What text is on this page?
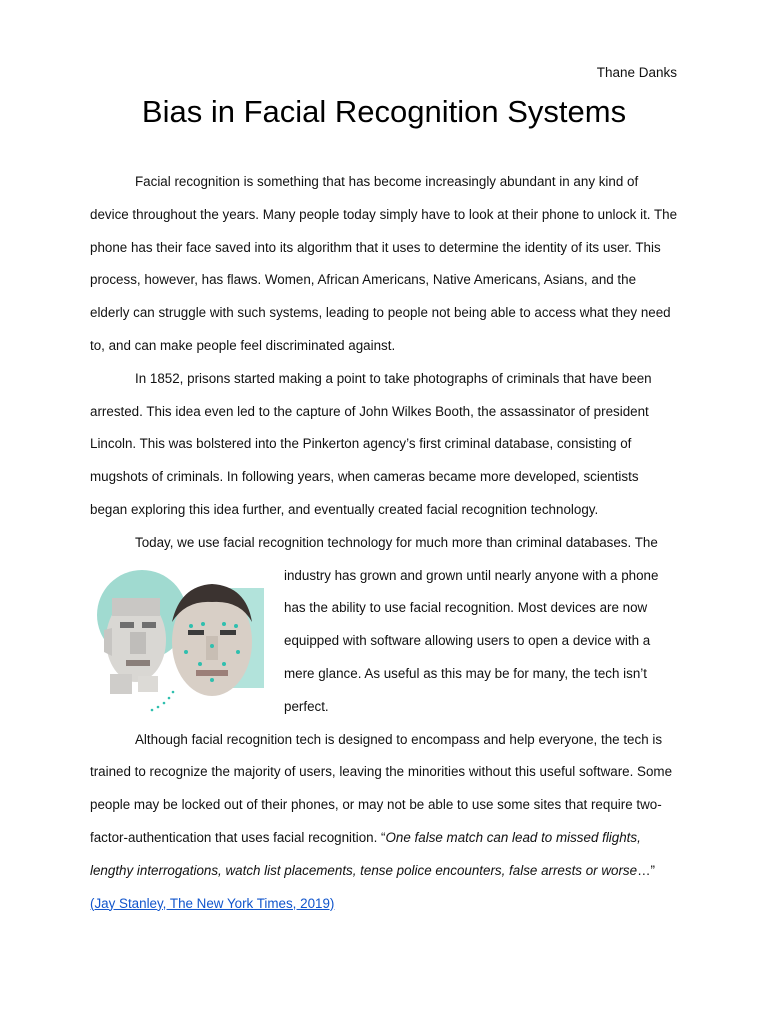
Thane Danks

Bias in Facial Recognition Systems

Facial recognition is something that has become increasingly abundant in any kind of device throughout the years. Many people today simply have to look at their phone to unlock it. The phone has their face saved into its algorithm that it uses to determine the identity of its user. This process, however, has flaws. Women, African Americans, Native Americans, Asians, and the elderly can struggle with such systems, leading to people not being able to access what they need to, and can make people feel discriminated against.

In 1852, prisons started making a point to take photographs of criminals that have been arrested. This idea even led to the capture of John Wilkes Booth, the assassinator of president Lincoln. This was bolstered into the Pinkerton agency’s first criminal database, consisting of mugshots of criminals. In following years, when cameras became more developed, scientists began exploring this idea further, and eventually created facial recognition technology.

Today, we use facial recognition technology for much more than criminal databases. The

industry has grown and grown until nearly anyone with a phone has the ability to use facial recognition. Most devices are now equipped with software allowing users to open a device with a mere glance. As useful as this may be for many, the tech isn’t perfect.

Although facial recognition tech is designed to encompass and help everyone, the tech is trained to recognize the majority of users, leaving the minorities without this useful software. Some people may be locked out of their phones, or may not be able to use some sites that require two-factor-authentication that uses facial recognition. “One false match can lead to missed flights, lengthy interrogations, watch list placements, tense police encounters, false arrests or worse…” (Jay Stanley, The New York Times, 2019)
